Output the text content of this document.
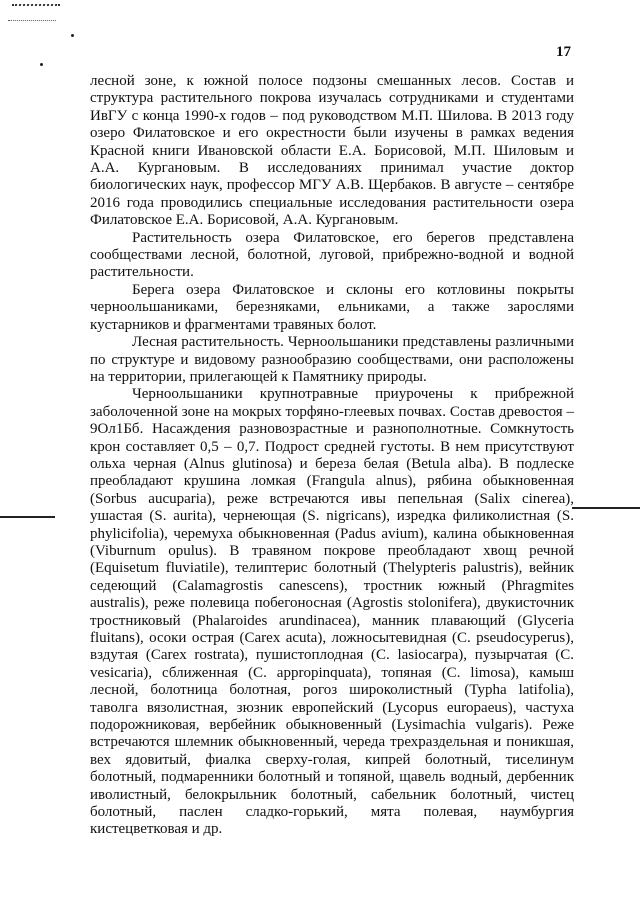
17

лесной зоне, к южной полосе подзоны смешанных лесов. Состав и структура растительного покрова изучалась сотрудниками и студентами ИвГУ с конца 1990-х годов – под руководством М.П. Шилова. В 2013 году озеро Филатовское и его окрестности были изучены в рамках ведения Красной книги Ивановской области Е.А. Борисовой, М.П. Шиловым и А.А. Кургановым. В исследованиях принимал участие доктор биологических наук, профессор МГУ А.В. Щербаков. В августе – сентябре 2016 года проводились специальные исследования растительности озера Филатовское Е.А. Борисовой, А.А. Кургановым.

Растительность озера Филатовское, его берегов представлена сообществами лесной, болотной, луговой, прибрежно-водной и водной растительности.

Берега озера Филатовское и склоны его котловины покрыты черноольшаниками, березняками, ельниками, а также зарослями кустарников и фрагментами травяных болот.

Лесная растительность. Черноольшаники представлены различными по структуре и видовому разнообразию сообществами, они расположены на территории, прилегающей к Памятнику природы.

Черноольшаники крупнотравные приурочены к прибрежной заболоченной зоне на мокрых торфяно-глеевых почвах. Состав древостоя – 9Ол1Бб. Насаждения разновозрастные и разнополнотные. Сомкнутость крон составляет 0,5 – 0,7. Подрост средней густоты. В нем присутствуют ольха черная (Alnus glutinosa) и береза белая (Betula alba). В подлеске преобладают крушина ломкая (Frangula alnus), рябина обыкновенная (Sorbus aucuparia), реже встречаются ивы пепельная (Salix cinerea), ушастая (S. aurita), чернеющая (S. nigricans), изредка филиколистная (S. phylicifolia), черемуха обыкновенная (Padus avium), калина обыкновенная (Viburnum opulus). В травяном покрове преобладают хвощ речной (Equisetum fluviatile), телиптерис болотный (Thelypteris palustris), вейник седеющий (Calamagrostis canescens), тростник южный (Phragmites australis), реже полевица побегоносная (Agrostis stolonifera), двукисточник тростниковый (Phalaroides arundinacea), манник плавающий (Glyceria fluitans), осоки острая (Carex acuta), ложносытевидная (C. pseudocyperus), вздутая (Carex rostrata), пушистоплодная (C. lasiocarpa), пузырчатая (C. vesicaria), сближенная (C. appropinquata), топяная (C. limosa), камыш лесной, болотница болотная, рогоз широколистный (Typha latifolia), таволга вязолистная, зюзник европейский (Lycopus europaeus), частуха подорожниковая, вербейник обыкновенный (Lysimachia vulgaris). Реже встречаются шлемник обыкновенный, череда трехраздельная и поникшая, вех ядовитый, фиалка сверху-голая, кипрей болотный, тиселинум болотный, подмаренники болотный и топяной, щавель водный, дербенник иволистный, белокрыльник болотный, сабельник болотный, чистец болотный, паслен сладко-горький, мята полевая, наумбургия кистецветковая и др.
